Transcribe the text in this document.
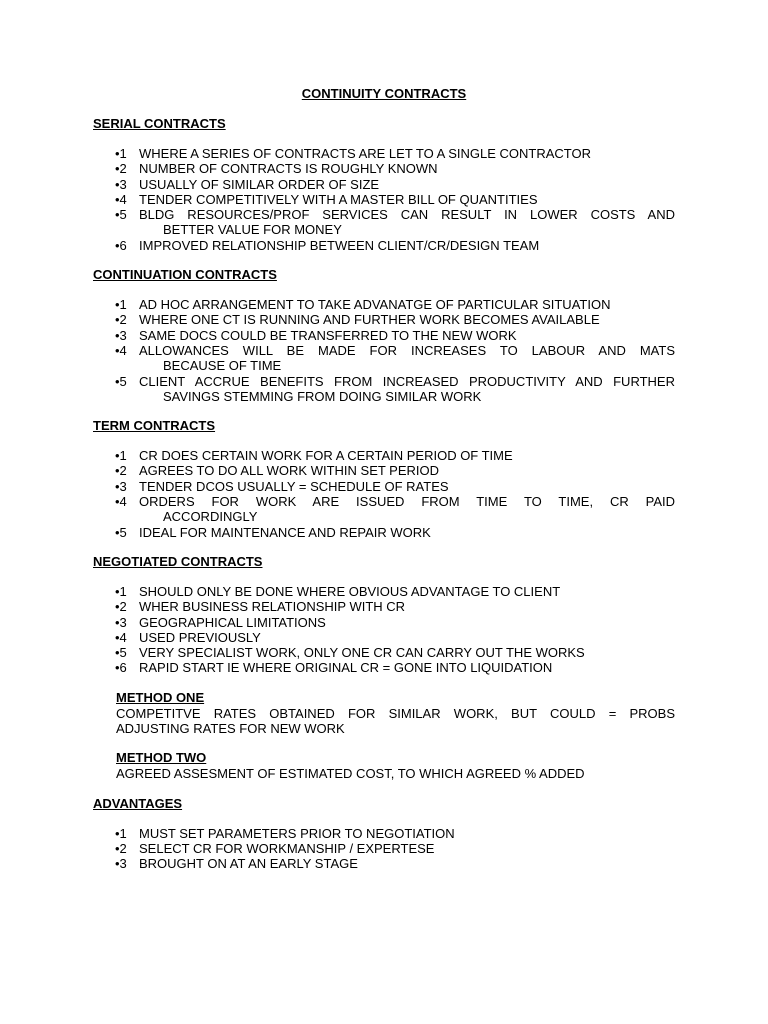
CONTINUITY CONTRACTS
SERIAL CONTRACTS
•1 WHERE A SERIES OF CONTRACTS ARE LET TO A SINGLE CONTRACTOR
•2 NUMBER OF CONTRACTS IS ROUGHLY KNOWN
•3 USUALLY OF SIMILAR ORDER OF SIZE
•4 TENDER COMPETITIVELY WITH A MASTER BILL OF QUANTITIES
•5 BLDG RESOURCES/PROF SERVICES CAN RESULT IN LOWER COSTS AND
BETTER VALUE FOR MONEY
•6 IMPROVED RELATIONSHIP BETWEEN CLIENT/CR/DESIGN TEAM
CONTINUATION CONTRACTS
•1 AD HOC ARRANGEMENT TO TAKE ADVANATGE OF PARTICULAR SITUATION
•2 WHERE ONE CT IS RUNNING AND FURTHER WORK BECOMES AVAILABLE
•3 SAME DOCS COULD BE TRANSFERRED TO THE NEW WORK
•4 ALLOWANCES WILL BE MADE FOR INCREASES TO LABOUR AND MATS
BECAUSE OF TIME
•5 CLIENT ACCRUE BENEFITS FROM INCREASED PRODUCTIVITY AND FURTHER
SAVINGS STEMMING FROM DOING SIMILAR WORK
TERM CONTRACTS
•1 CR DOES CERTAIN WORK FOR A CERTAIN PERIOD OF TIME
•2 AGREES TO DO ALL WORK WITHIN SET PERIOD
•3 TENDER DCOS USUALLY = SCHEDULE OF RATES
•4 ORDERS FOR WORK ARE ISSUED FROM TIME TO TIME, CR PAID
ACCORDINGLY
•5 IDEAL FOR MAINTENANCE AND REPAIR WORK
NEGOTIATED CONTRACTS
•1 SHOULD ONLY BE DONE WHERE OBVIOUS ADVANTAGE TO CLIENT
•2 WHER BUSINESS RELATIONSHIP WITH CR
•3 GEOGRAPHICAL LIMITATIONS
•4 USED PREVIOUSLY
•5 VERY SPECIALIST WORK, ONLY ONE CR CAN CARRY OUT THE WORKS
•6 RAPID START IE WHERE ORIGINAL CR = GONE INTO LIQUIDATION
METHOD ONE
COMPETITVE RATES OBTAINED FOR SIMILAR WORK, BUT COULD = PROBS
ADJUSTING RATES FOR NEW WORK
METHOD TWO
AGREED ASSESMENT OF ESTIMATED COST, TO WHICH AGREED % ADDED
ADVANTAGES
•1 MUST SET PARAMETERS PRIOR TO NEGOTIATION
•2 SELECT CR FOR WORKMANSHIP / EXPERTESE
•3 BROUGHT ON AT AN EARLY STAGE
